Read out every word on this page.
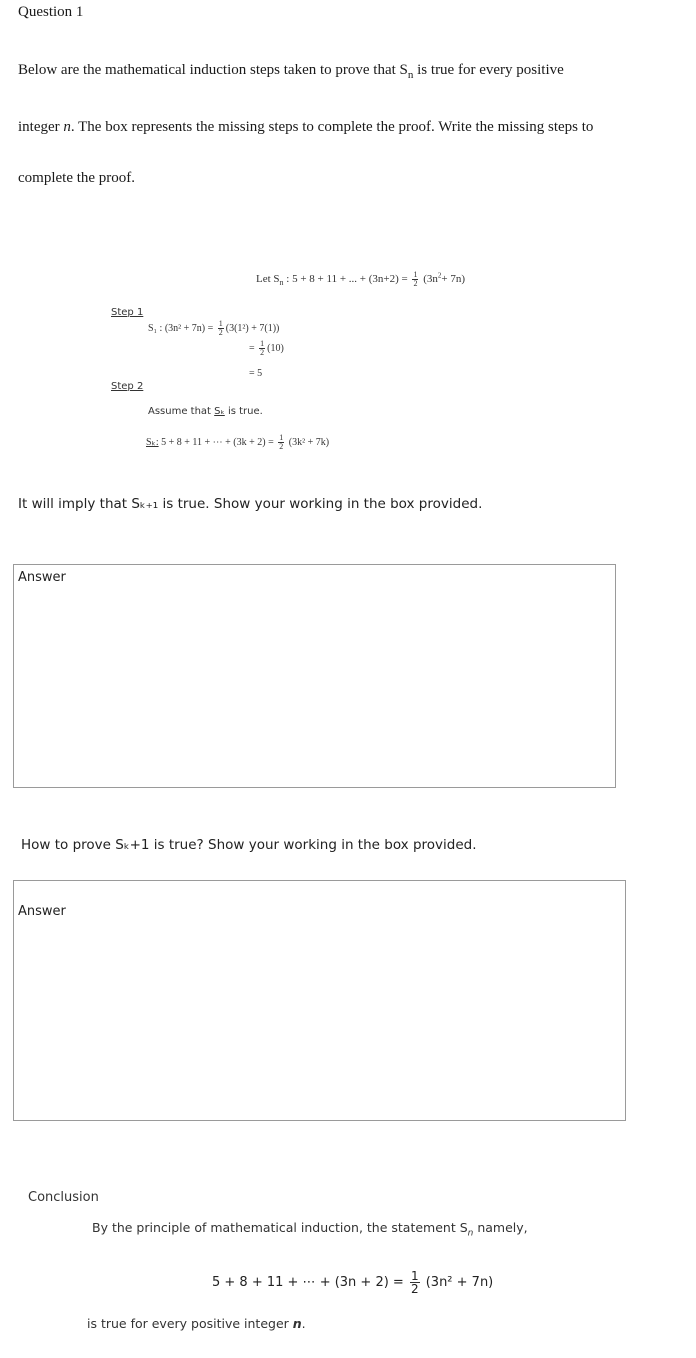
Question 1
Below are the mathematical induction steps taken to prove that $S_n$ is true for every positive
integer n. The box represents the missing steps to complete the proof. Write the missing steps to
complete the proof.
Let $S_n$ : 5 + 8 + 11 + ... + $(3n+2) = \frac{1}{2} (3n^2+ 7n)$
Step 1
S₁ : $(3n^2 + 7n) = \frac{1}{2} (3(1^2) + 7(1))$
= $\frac{1}{2} (10)$
= 5
Step 2
Assume that Sₖ is true.
Sₖ: 5 + 8 + 11 + ⋯ + $(3k + 2) = \frac{1}{2} (3k^2 + 7k)$
It will imply that Sₖ₊₁ is true. Show your working in the box provided.
Answer
How to prove Sₖ+1 is true? Show your working in the box provided.
Answer
Conclusion
By the principle of mathematical induction, the statement $S_n$ namely,
5 + 8 + 11 + ⋯ + $(3n + 2) = \frac{1}{2} (3n^2 + 7n)$
is true for every positive integer n.
